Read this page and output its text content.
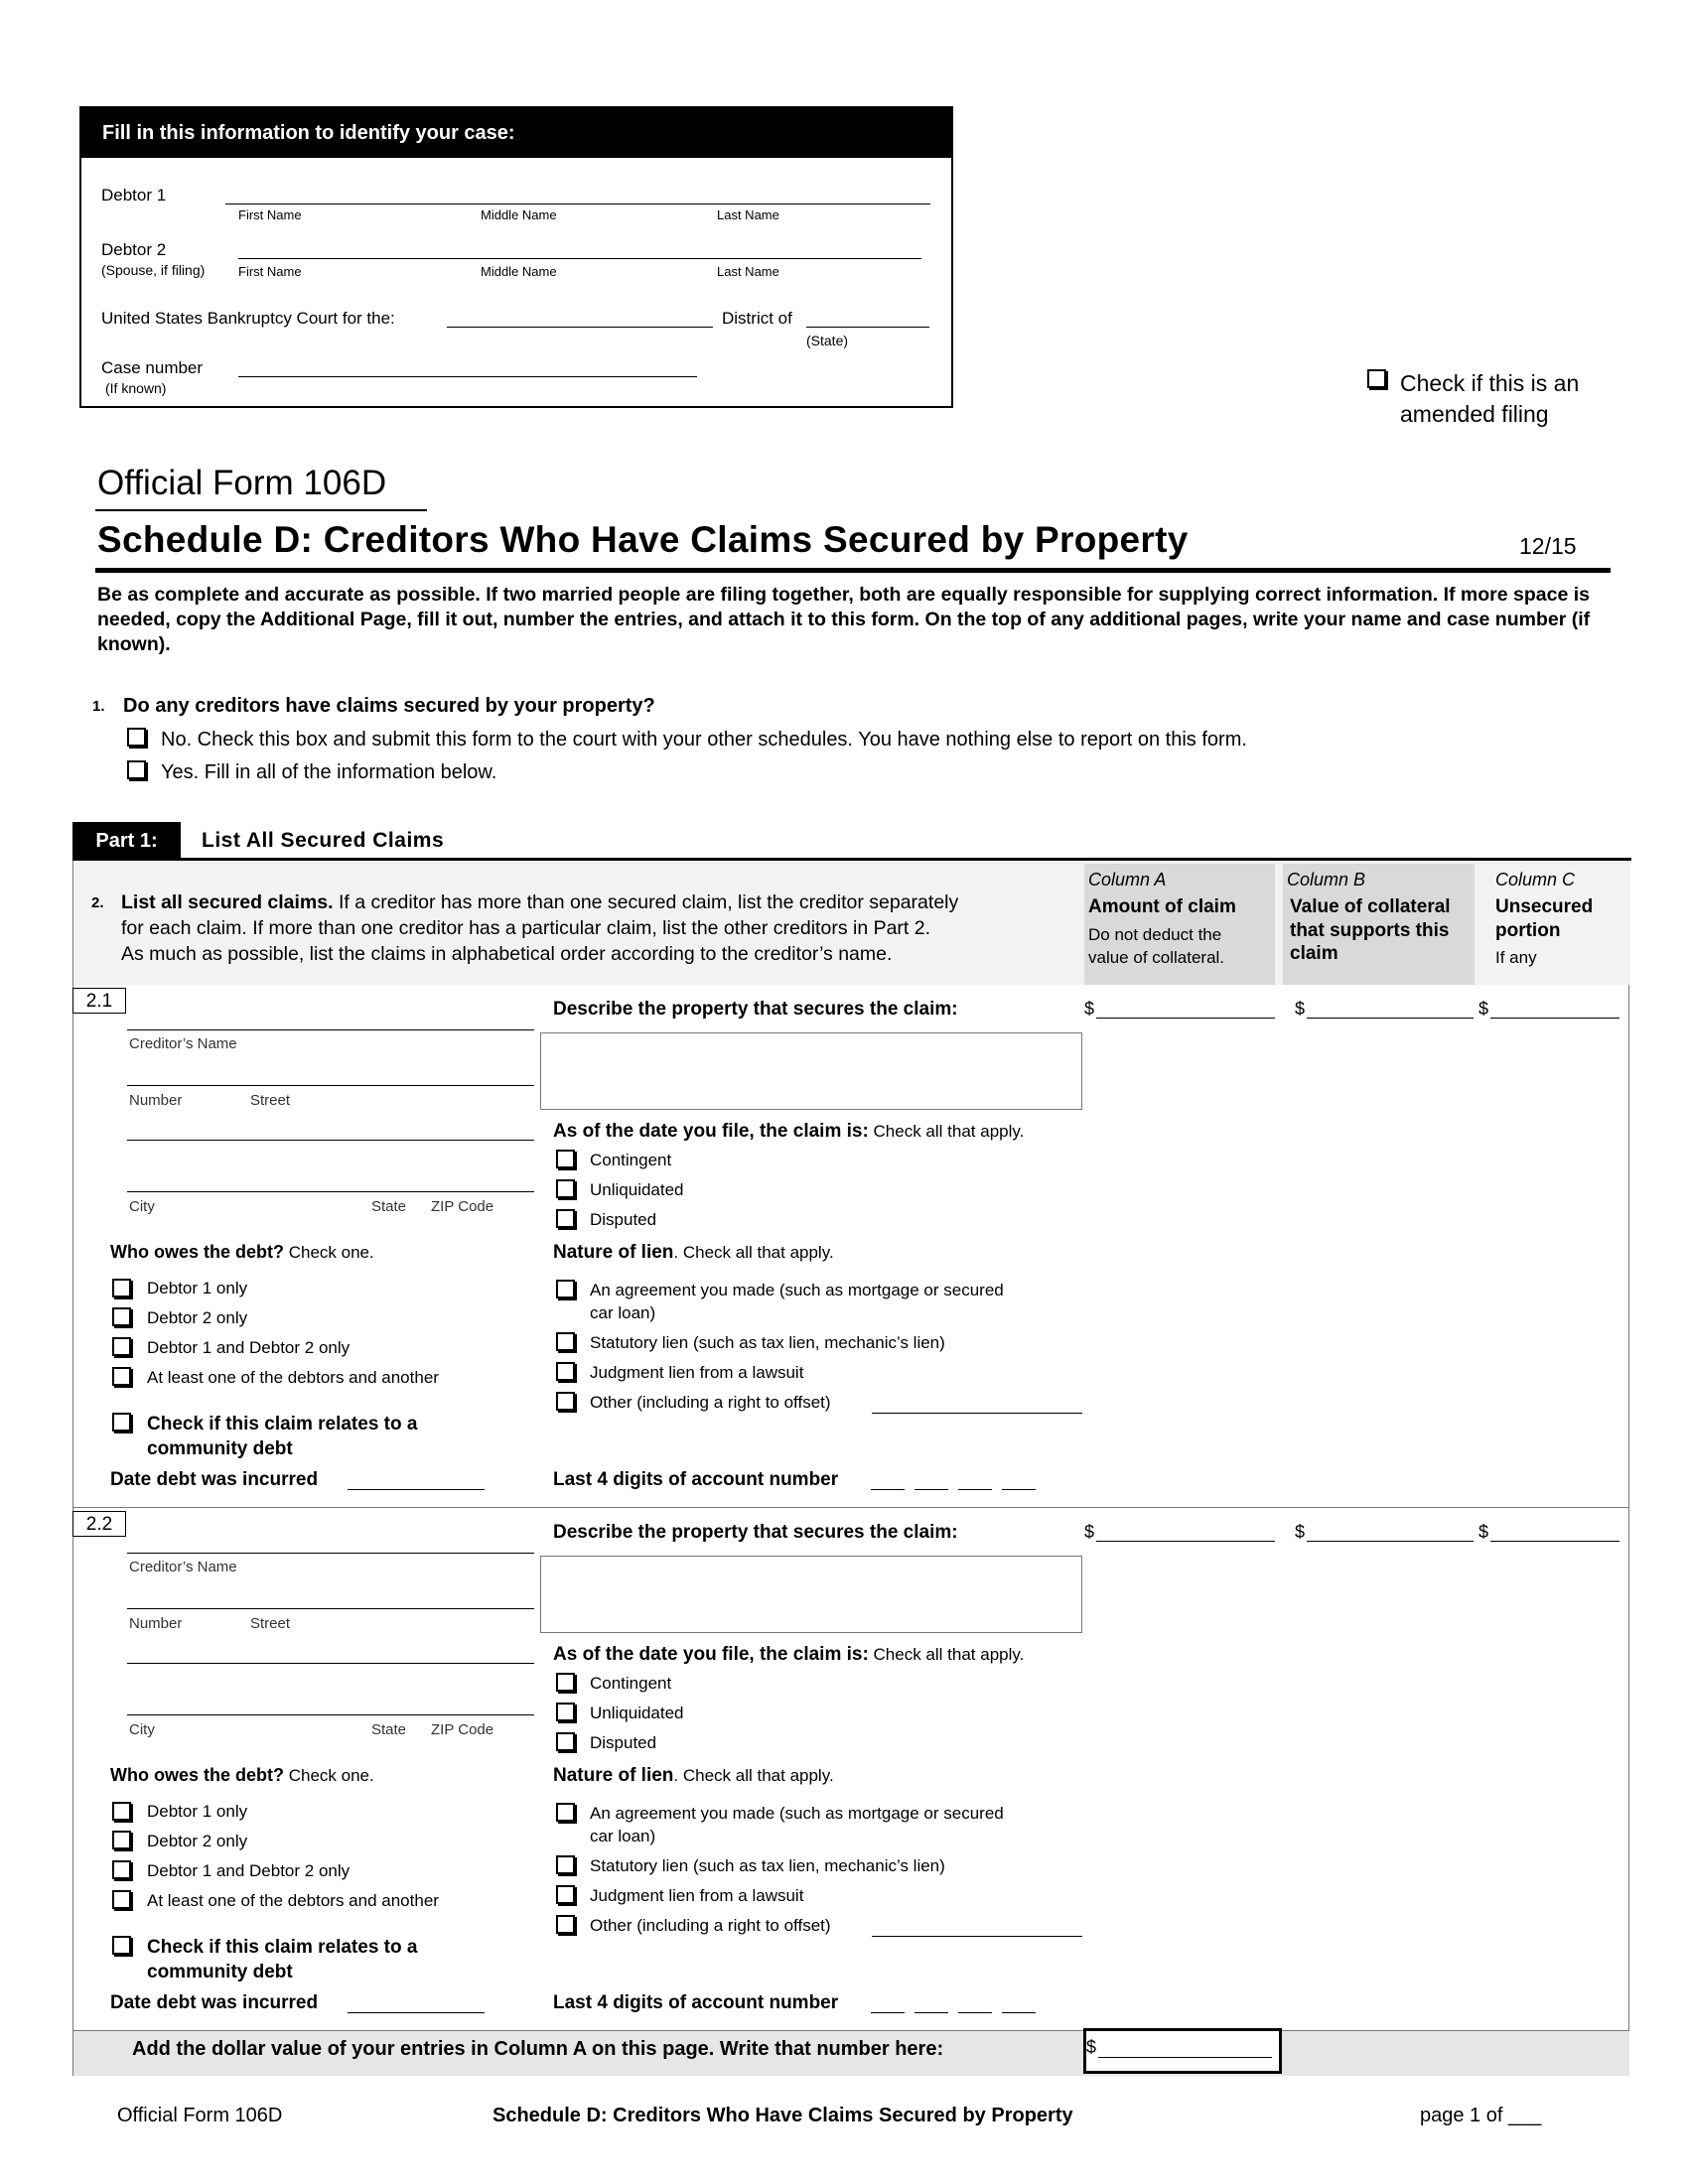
Fill in this information to identify your case:
Debtor 1
First Name	Middle Name	Last Name
Debtor 2
(Spouse, if filing)	First Name	Middle Name	Last Name
United States Bankruptcy Court for the:	District of
(State)
Case number
(If known)	Check if this is an
amended filing
Official Form 106D
Schedule D: Creditors Who Have Claims Secured by Property	12/15
Be as complete and accurate as possible. If two married people are filing together, both are equally responsible for supplying correct information. If more space is needed, copy the Additional Page, fill it out, number the entries, and attach it to this form. On the top of any additional pages, write your name and case number (if known).
1. Do any creditors have claims secured by your property?
No. Check this box and submit this form to the court with your other schedules. You have nothing else to report on this form.
Yes. Fill in all of the information below.
Part 1:	List All Secured Claims
2. List all secured claims. If a creditor has more than one secured claim, list the creditor separately
for each claim. If more than one creditor has a particular claim, list the other creditors in Part 2.
As much as possible, list the claims in alphabetical order according to the creditor’s name.
Column A
Amount of claim
Do not deduct the
value of collateral.
Column B
Value of collateral
that supports this
claim
Column C
Unsecured
portion
If any
2.1
Creditor’s Name
Number	Street
City	State ZIP Code
Who owes the debt? Check one.
Debtor 1 only
Debtor 2 only
Debtor 1 and Debtor 2 only
At least one of the debtors and another
Check if this claim relates to a
community debt
Date debt was incurred
Describe the property that secures the claim:
As of the date you file, the claim is: Check all that apply.
Contingent
Unliquidated
Disputed
Nature of lien. Check all that apply.
An agreement you made (such as mortgage or secured
car loan)
Statutory lien (such as tax lien, mechanic’s lien)
Judgment lien from a lawsuit
Other (including a right to offset)
Last 4 digits of account number
$	$	$
2.2
Creditor’s Name
Number	Street
City	State ZIP Code
Who owes the debt? Check one.
Debtor 1 only
Debtor 2 only
Debtor 1 and Debtor 2 only
At least one of the debtors and another
Check if this claim relates to a
community debt
Date debt was incurred
Describe the property that secures the claim:
As of the date you file, the claim is: Check all that apply.
Contingent
Unliquidated
Disputed
Nature of lien. Check all that apply.
An agreement you made (such as mortgage or secured
car loan)
Statutory lien (such as tax lien, mechanic’s lien)
Judgment lien from a lawsuit
Other (including a right to offset)
Last 4 digits of account number
$	$	$
Add the dollar value of your entries in Column A on this page. Write that number here:	$
Official Form 106D	Schedule D: Creditors Who Have Claims Secured by Property	page 1 of ___
